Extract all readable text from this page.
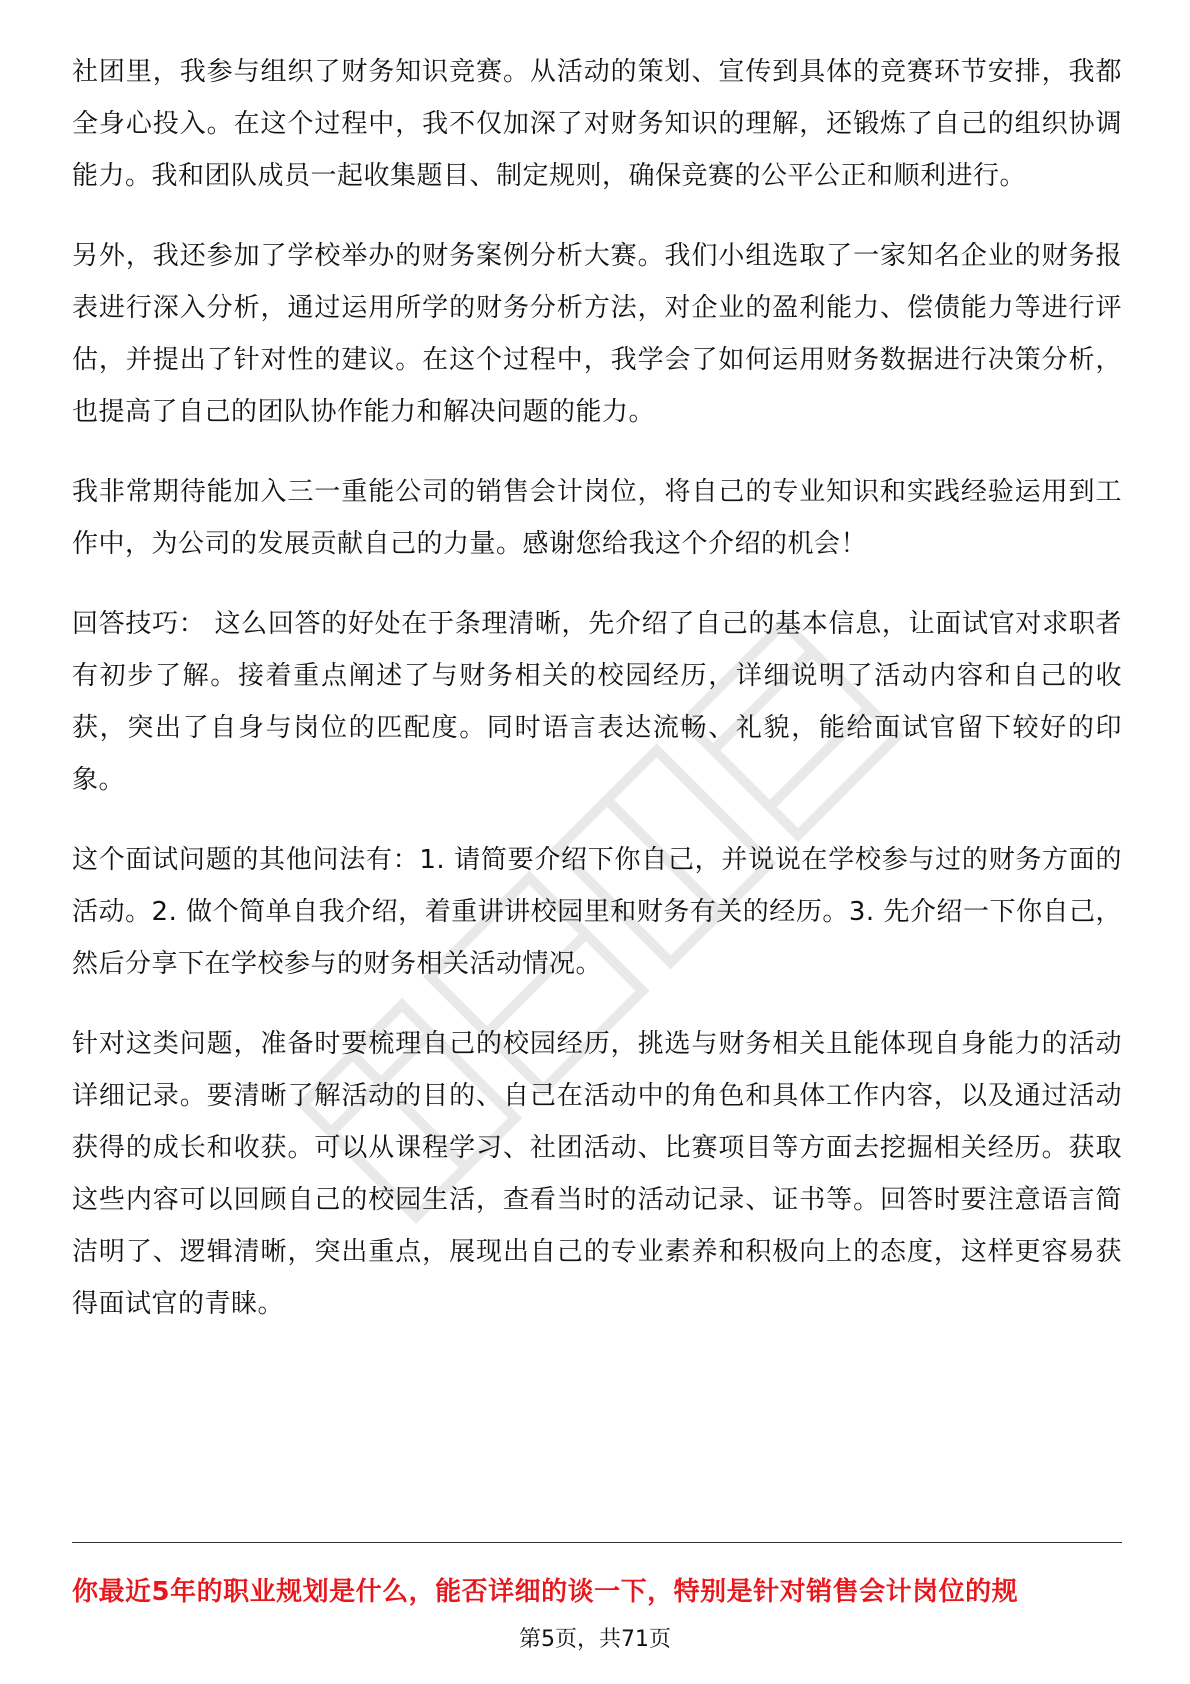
社团里，我参与组织了财务知识竞赛。从活动的策划、宣传到具体的竞赛环节安排，我都全身心投入。在这个过程中，我不仅加深了对财务知识的理解，还锻炼了自己的组织协调能力。我和团队成员一起收集题目、制定规则，确保竞赛的公平公正和顺利进行。

另外，我还参加了学校举办的财务案例分析大赛。我们小组选取了一家知名企业的财务报表进行深入分析，通过运用所学的财务分析方法，对企业的盈利能力、偿债能力等进行评估，并提出了针对性的建议。在这个过程中，我学会了如何运用财务数据进行决策分析，也提高了自己的团队协作能力和解决问题的能力。

我非常期待能加入三一重能公司的销售会计岗位，将自己的专业知识和实践经验运用到工作中，为公司的发展贡献自己的力量。感谢您给我这个介绍的机会！

回答技巧： 这么回答的好处在于条理清晰，先介绍了自己的基本信息，让面试官对求职者有初步了解。接着重点阐述了与财务相关的校园经历，详细说明了活动内容和自己的收获，突出了自身与岗位的匹配度。同时语言表达流畅、礼貌，能给面试官留下较好的印象。

这个面试问题的其他问法有：1. 请简要介绍下你自己，并说说在学校参与过的财务方面的活动。2. 做个简单自我介绍，着重讲讲校园里和财务有关的经历。3. 先介绍一下你自己，然后分享下在学校参与的财务相关活动情况。

针对这类问题，准备时要梳理自己的校园经历，挑选与财务相关且能体现自身能力的活动详细记录。要清晰了解活动的目的、自己在活动中的角色和具体工作内容，以及通过活动获得的成长和收获。可以从课程学习、社团活动、比赛项目等方面去挖掘相关经历。获取这些内容可以回顾自己的校园生活，查看当时的活动记录、证书等。回答时要注意语言简洁明了、逻辑清晰，突出重点，展现出自己的专业素养和积极向上的态度，这样更容易获得面试官的青睐。

你最近5年的职业规划是什么，能否详细的谈一下，特别是针对销售会计岗位的规
第5页，共71页
